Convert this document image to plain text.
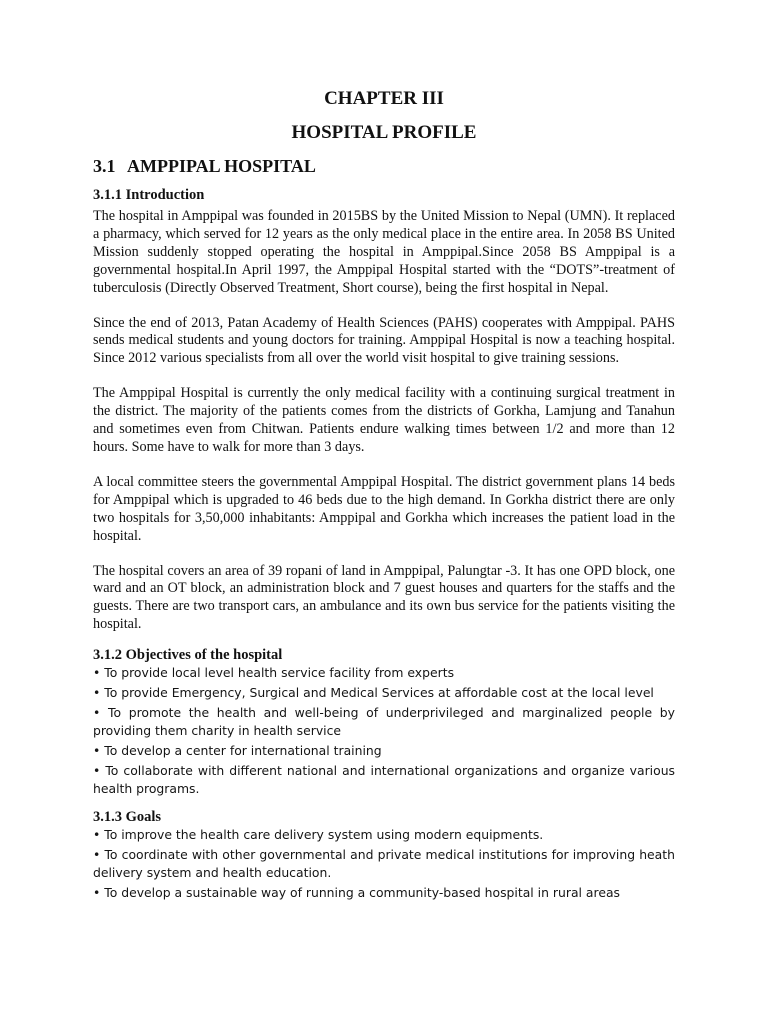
CHAPTER III
HOSPITAL PROFILE
3.1 AMPPIPAL HOSPITAL
3.1.1 Introduction

The hospital in Amppipal was founded in 2015BS by the United Mission to Nepal (UMN). It replaced a pharmacy, which served for 12 years as the only medical place in the entire area. In 2058 BS United Mission suddenly stopped operating the hospital in Amppipal.Since 2058 BS Amppipal is a governmental hospital.In April 1997, the Amppipal Hospital started with the “DOTS”-treatment of tuberculosis (Directly Observed Treatment, Short course), being the first hospital in Nepal.

Since the end of 2013, Patan Academy of Health Sciences (PAHS) cooperates with Amppipal. PAHS sends medical students and young doctors for training. Amppipal Hospital is now a teaching hospital. Since 2012 various specialists from all over the world visit hospital to give training sessions.

The Amppipal Hospital is currently the only medical facility with a continuing surgical treatment in the district. The majority of the patients comes from the districts of Gorkha, Lamjung and Tanahun and sometimes even from Chitwan. Patients endure walking times between 1/2 and more than 12 hours. Some have to walk for more than 3 days.

A local committee steers the governmental Amppipal Hospital. The district government plans 14 beds for Amppipal which is upgraded to 46 beds due to the high demand. In Gorkha district there are only two hospitals for 3,50,000 inhabitants: Amppipal and Gorkha which increases the patient load in the hospital.

The hospital covers an area of 39 ropani of land in Amppipal, Palungtar -3. It has one OPD block, one ward and an OT block, an administration block and 7 guest houses and quarters for the staffs and the guests. There are two transport cars, an ambulance and its own bus service for the patients visiting the hospital.

3.1.2 Objectives of the hospital

• To provide local level health service facility from experts

• To provide Emergency, Surgical and Medical Services at affordable cost at the local level

• To promote the health and well-being of underprivileged and marginalized people by providing them charity in health service

• To develop a center for international training

• To collaborate with different national and international organizations and organize various health programs.

3.1.3 Goals

• To improve the health care delivery system using modern equipments.

• To coordinate with other governmental and private medical institutions for improving heath delivery system and health education.

• To develop a sustainable way of running a community-based hospital in rural areas
